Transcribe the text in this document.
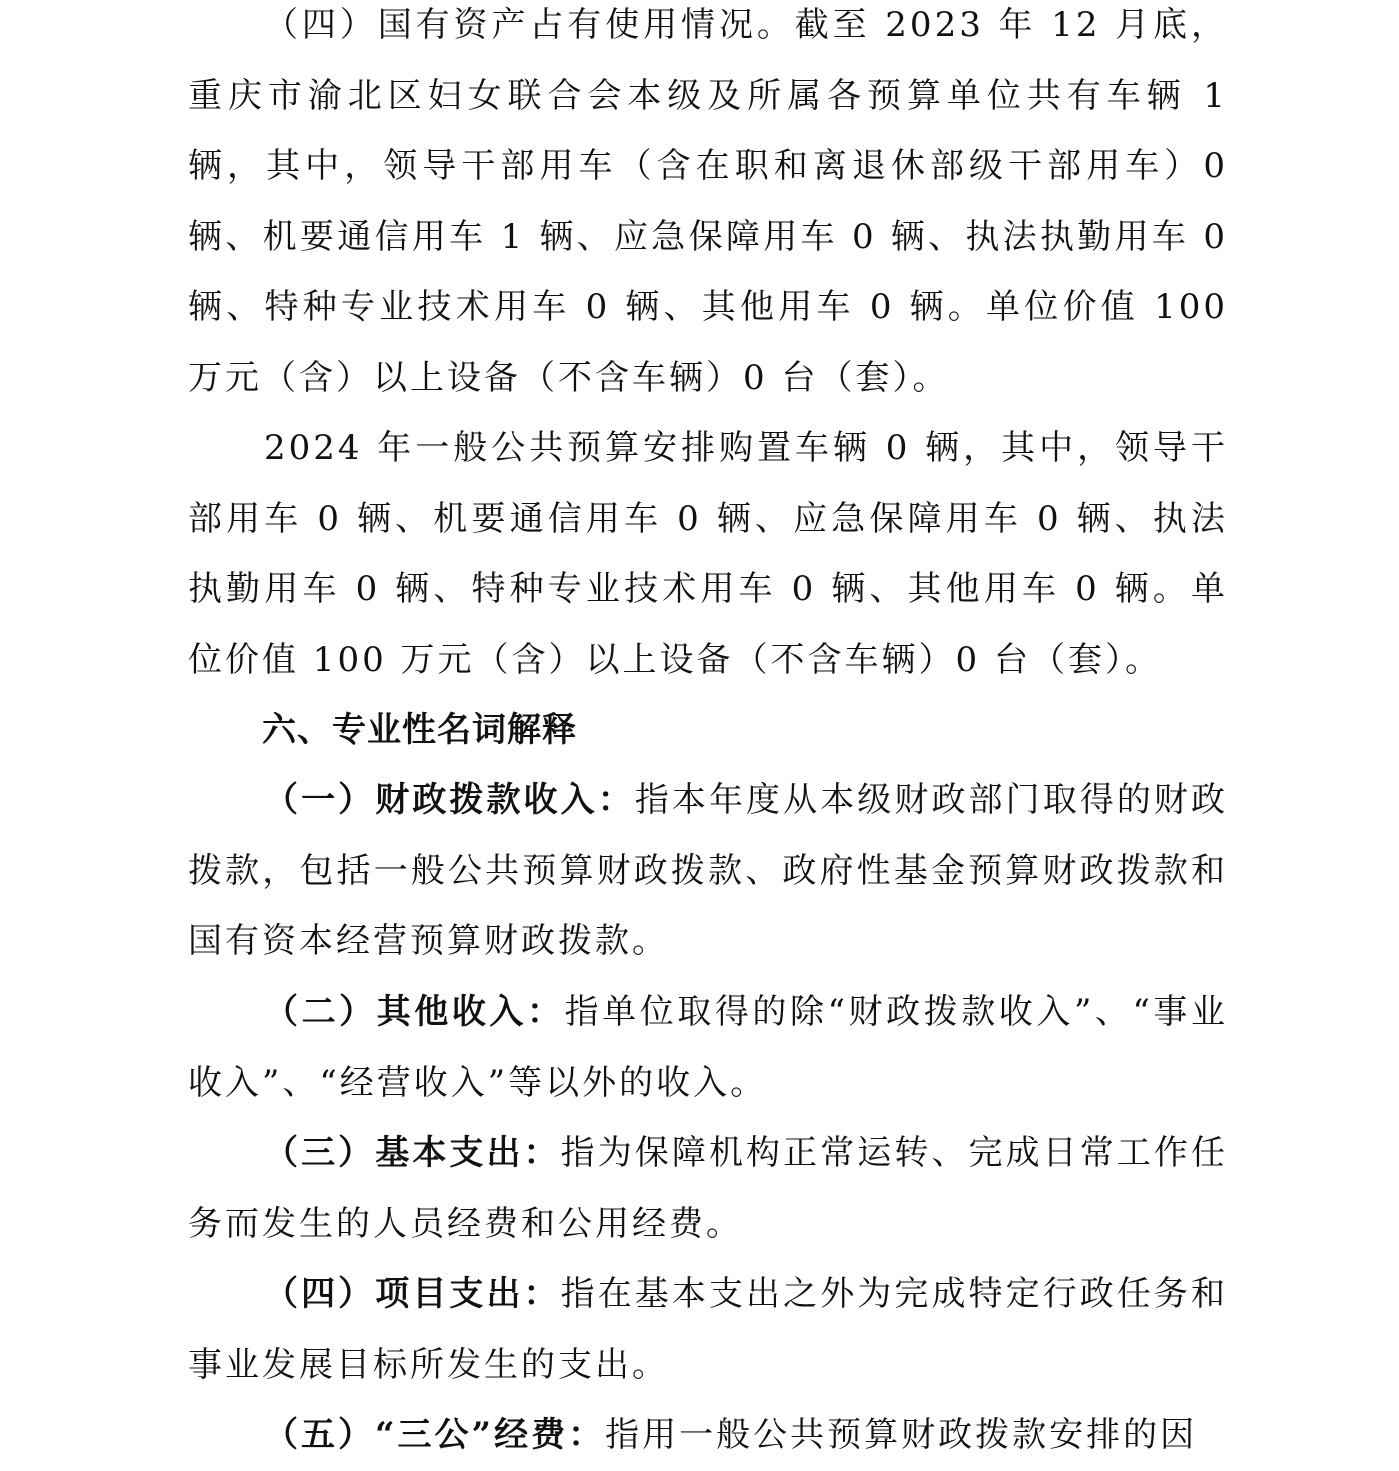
（四）国有资产占有使用情况。截至 2023 年 12 月底，重庆市渝北区妇女联合会本级及所属各预算单位共有车辆 1 辆，其中，领导干部用车（含在职和离退休部级干部用车）0 辆、机要通信用车 1 辆、应急保障用车 0 辆、执法执勤用车 0 辆、特种专业技术用车 0 辆、其他用车 0 辆。单位价值 100 万元（含）以上设备（不含车辆）0 台（套）。

2024 年一般公共预算安排购置车辆 0 辆，其中，领导干部用车 0 辆、机要通信用车 0 辆、应急保障用车 0 辆、执法执勤用车 0 辆、特种专业技术用车 0 辆、其他用车 0 辆。单位价值 100 万元（含）以上设备（不含车辆）0 台（套）。

六、专业性名词解释

（一）财政拨款收入：指本年度从本级财政部门取得的财政拨款，包括一般公共预算财政拨款、政府性基金预算财政拨款和国有资本经营预算财政拨款。

（二）其他收入：指单位取得的除“财政拨款收入”、“事业收入”、“经营收入”等以外的收入。

（三）基本支出：指为保障机构正常运转、完成日常工作任务而发生的人员经费和公用经费。

（四）项目支出：指在基本支出之外为完成特定行政任务和事业发展目标所发生的支出。

（五）“三公”经费：指用一般公共预算财政拨款安排的因
